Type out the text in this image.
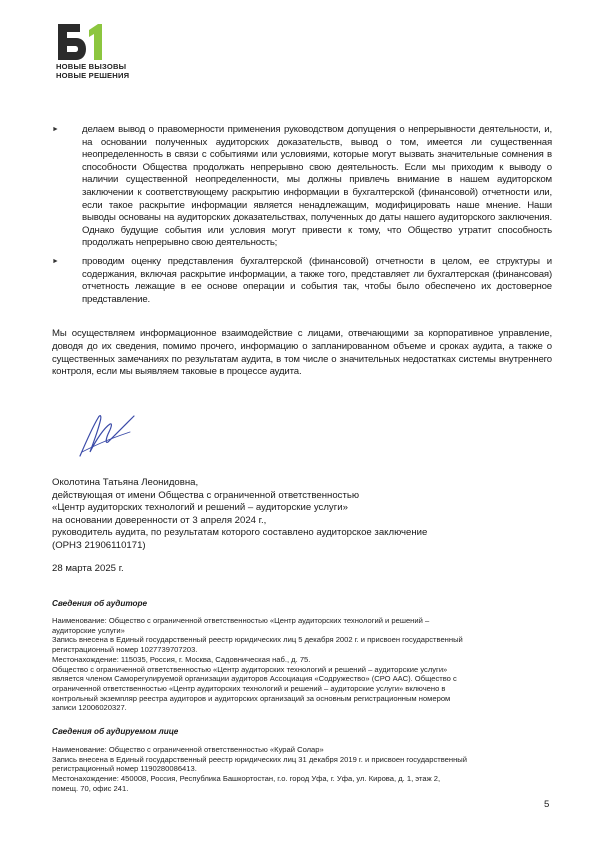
НОВЫЕ ВЫЗОВЫ
НОВЫЕ РЕШЕНИЯ
► делаем вывод о правомерности применения руководством допущения о непрерывности деятельности, и, на основании полученных аудиторских доказательств, вывод о том, имеется ли существенная неопределенность в связи с событиями или условиями, которые могут вызвать значительные сомнения в способности Общества продолжать непрерывно свою деятельность. Если мы приходим к выводу о наличии существенной неопределенности, мы должны привлечь внимание в нашем аудиторском заключении к соответствующему раскрытию информации в бухгалтерской (финансовой) отчетности или, если такое раскрытие информации является ненадлежащим, модифицировать наше мнение. Наши выводы основаны на аудиторских доказательствах, полученных до даты нашего аудиторского заключения. Однако будущие события или условия могут привести к тому, что Общество утратит способность продолжать непрерывно свою деятельность;
► проводим оценку представления бухгалтерской (финансовой) отчетности в целом, ее структуры и содержания, включая раскрытие информации, а также того, представляет ли бухгалтерская (финансовая) отчетность лежащие в ее основе операции и события так, чтобы было обеспечено их достоверное представление.
Мы осуществляем информационное взаимодействие с лицами, отвечающими за корпоративное управление, доводя до их сведения, помимо прочего, информацию о запланированном объеме и сроках аудита, а также о существенных замечаниях по результатам аудита, в том числе о значительных недостатках системы внутреннего контроля, если мы выявляем таковые в процессе аудита.
Околотина Татьяна Леонидовна,
действующая от имени Общества с ограниченной ответственностью
«Центр аудиторских технологий и решений – аудиторские услуги»
на основании доверенности от 3 апреля 2024 г.,
руководитель аудита, по результатам которого составлено аудиторское заключение
(ОРНЗ 21906110171)
28 марта 2025 г.
Сведения об аудиторе
Наименование: Общество с ограниченной ответственностью «Центр аудиторских технологий и решений –
аудиторские услуги»
Запись внесена в Единый государственный реестр юридических лиц 5 декабря 2002 г. и присвоен государственный
регистрационный номер 1027739707203.
Местонахождение: 115035, Россия, г. Москва, Садовническая наб., д. 75.
Общество с ограниченной ответственностью «Центр аудиторских технологий и решений – аудиторские услуги»
является членом Саморегулируемой организации аудиторов Ассоциация «Содружество» (СРО ААС). Общество с
ограниченной ответственностью «Центр аудиторских технологий и решений – аудиторские услуги» включено в
контрольный экземпляр реестра аудиторов и аудиторских организаций за основным регистрационным номером
записи 12006020327.
Сведения об аудируемом лице
Наименование: Общество с ограниченной ответственностью «Курай Солар»
Запись внесена в Единый государственный реестр юридических лиц 31 декабря 2019 г. и присвоен государственный
регистрационный номер 1190280086413.
Местонахождение: 450008, Россия, Республика Башкортостан, г.о. город Уфа, г. Уфа, ул. Кирова, д. 1, этаж 2,
помещ. 70, офис 241.
5
